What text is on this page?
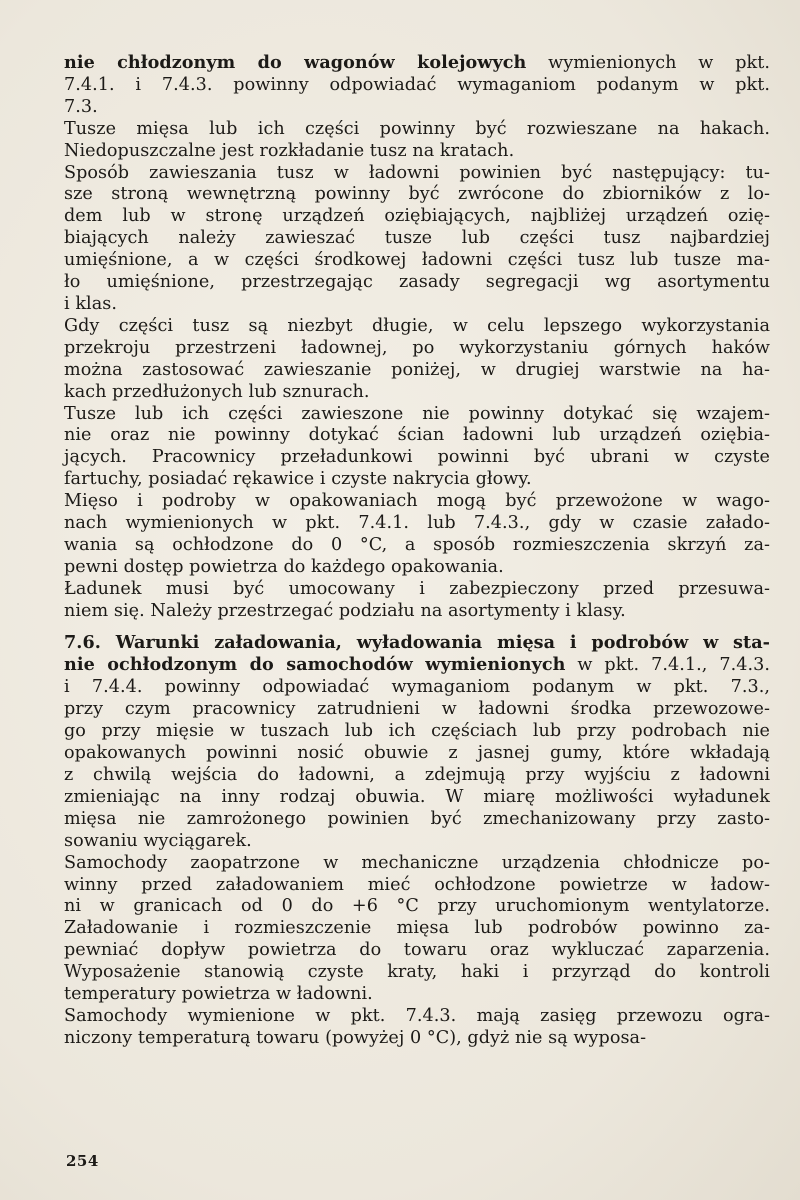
nie chłodzonym do wagonów kolejowych wymienionych w pkt.
7.4.1. i 7.4.3. powinny odpowiadać wymaganiom podanym w pkt.
7.3.

Tusze mięsa lub ich części powinny być rozwieszane na hakach.
Niedopuszczalne jest rozkładanie tusz na kratach.

Sposób zawieszania tusz w ładowni powinien być następujący: tu-
sze stroną wewnętrzną powinny być zwrócone do zbiorników z lo-
dem lub w stronę urządzeń oziębiających, najbliżej urządzeń ozię-
biających należy zawieszać tusze lub części tusz najbardziej
umięśnione, a w części środkowej ładowni części tusz lub tusze ma-
ło umięśnione, przestrzegając zasady segregacji wg asortymentu
i klas.

Gdy części tusz są niezbyt długie, w celu lepszego wykorzystania
przekroju przestrzeni ładownej, po wykorzystaniu górnych haków
można zastosować zawieszanie poniżej, w drugiej warstwie na ha-
kach przedłużonych lub sznurach.

Tusze lub ich części zawieszone nie powinny dotykać się wzajem-
nie oraz nie powinny dotykać ścian ładowni lub urządzeń oziębia-
jących. Pracownicy przeładunkowi powinni być ubrani w czyste
fartuchy, posiadać rękawice i czyste nakrycia głowy.

Mięso i podroby w opakowaniach mogą być przewożone w wago-
nach wymienionych w pkt. 7.4.1. lub 7.4.3., gdy w czasie załado-
wania są ochłodzone do 0 °C, a sposób rozmieszczenia skrzyń za-
pewni dostęp powietrza do każdego opakowania.

Ładunek musi być umocowany i zabezpieczony przed przesuwa-
niem się. Należy przestrzegać podziału na asortymenty i klasy.

7.6. Warunki załadowania, wyładowania mięsa i podrobów w sta-
nie ochłodzonym do samochodów wymienionych w pkt. 7.4.1., 7.4.3.
i 7.4.4. powinny odpowiadać wymaganiom podanym w pkt. 7.3.,
przy czym pracownicy zatrudnieni w ładowni środka przewozowe-
go przy mięsie w tuszach lub ich częściach lub przy podrobach nie
opakowanych powinni nosić obuwie z jasnej gumy, które wkładają
z chwilą wejścia do ładowni, a zdejmują przy wyjściu z ładowni
zmieniając na inny rodzaj obuwia. W miarę możliwości wyładunek
mięsa nie zamrożonego powinien być zmechanizowany przy zasto-
sowaniu wyciągarek.

Samochody zaopatrzone w mechaniczne urządzenia chłodnicze po-
winny przed załadowaniem mieć ochłodzone powietrze w ładow-
ni w granicach od 0 do +6 °C przy uruchomionym wentylatorze.
Załadowanie i rozmieszczenie mięsa lub podrobów powinno za-
pewniać dopływ powietrza do towaru oraz wykluczać zaparzenia.
Wyposażenie stanowią czyste kraty, haki i przyrząd do kontroli
temperatury powietrza w ładowni.

Samochody wymienione w pkt. 7.4.3. mają zasięg przewozu ogra-
niczony temperaturą towaru (powyżej 0 °C), gdyż nie są wyposa-

254
